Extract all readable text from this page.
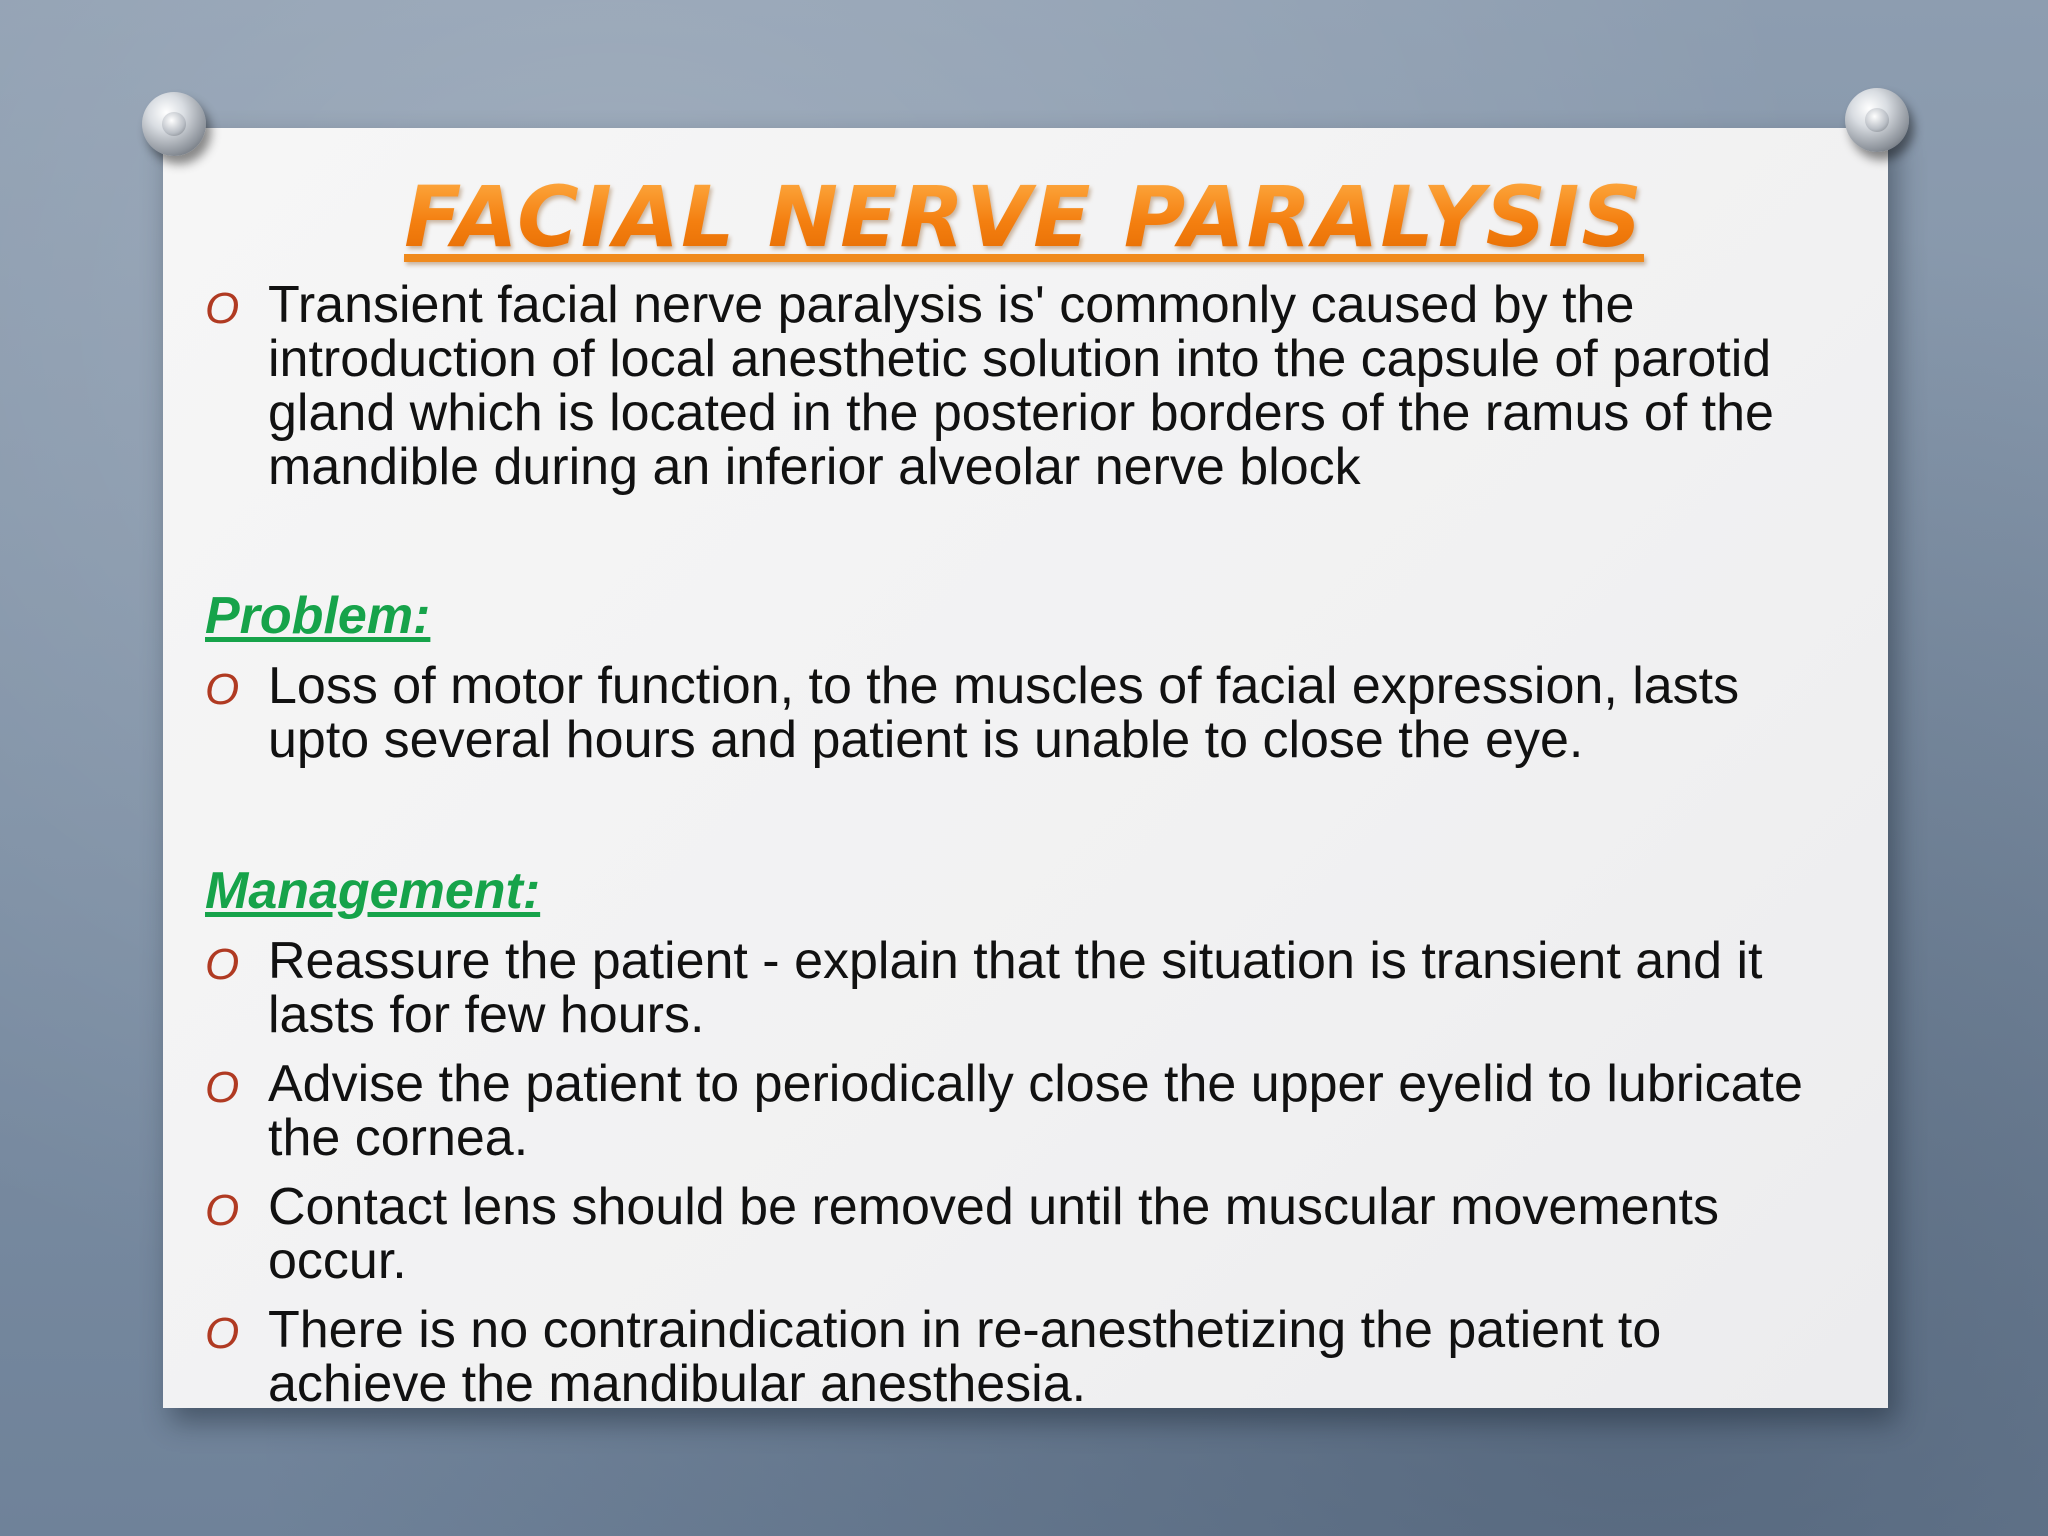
FACIAL NERVE PARALYSIS
O Transient facial nerve paralysis is' commonly caused by the introduction of local anesthetic solution into the capsule of parotid gland which is located in the posterior borders of the ramus of the mandible during an inferior alveolar nerve block
Problem:
O Loss of motor function, to the muscles of facial expression, lasts upto several hours and patient is unable to close the eye.
Management:
O Reassure the patient - explain that the situation is transient and it lasts for few hours.
O Advise the patient to periodically close the upper eyelid to lubricate the cornea.
O Contact lens should be removed until the muscular movements occur.
O There is no contraindication in re-anesthetizing the patient to achieve the mandibular anesthesia.
